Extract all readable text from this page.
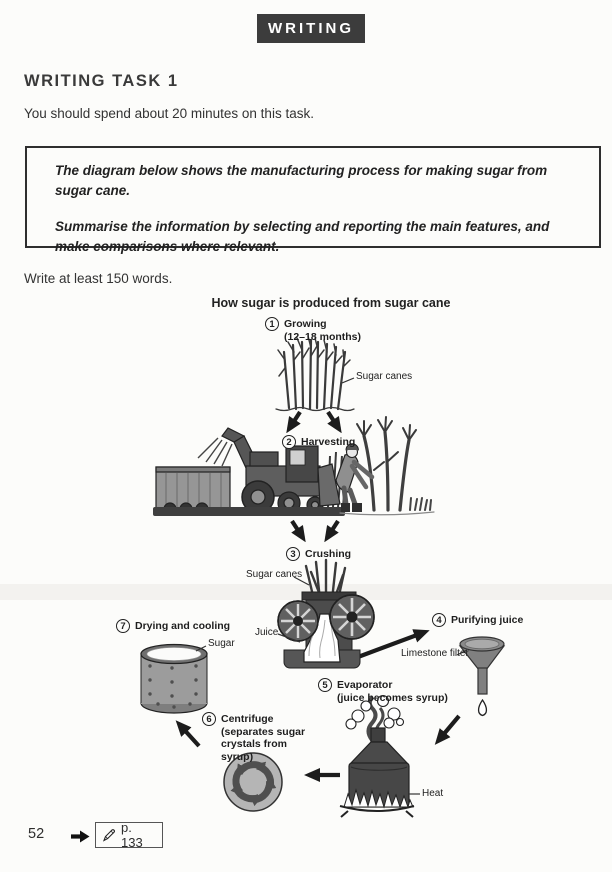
WRITING
WRITING TASK 1
You should spend about 20 minutes on this task.

The diagram below shows the manufacturing process for making sugar from sugar cane.

Summarise the information by selecting and reporting the main features, and make comparisons where relevant.

Write at least 150 words.
How sugar is produced from sugar cane
1 Growing
(12–18 months)
2 Harvesting
3 Crushing
4 Purifying juice
5 Evaporator
(juice becomes syrup)
6 Centrifuge
(separates sugar crystals from syrup)
7 Drying and cooling
Sugar canes
Sugar canes
Juice
Limestone filter
Heat
Sugar
52	p. 133
